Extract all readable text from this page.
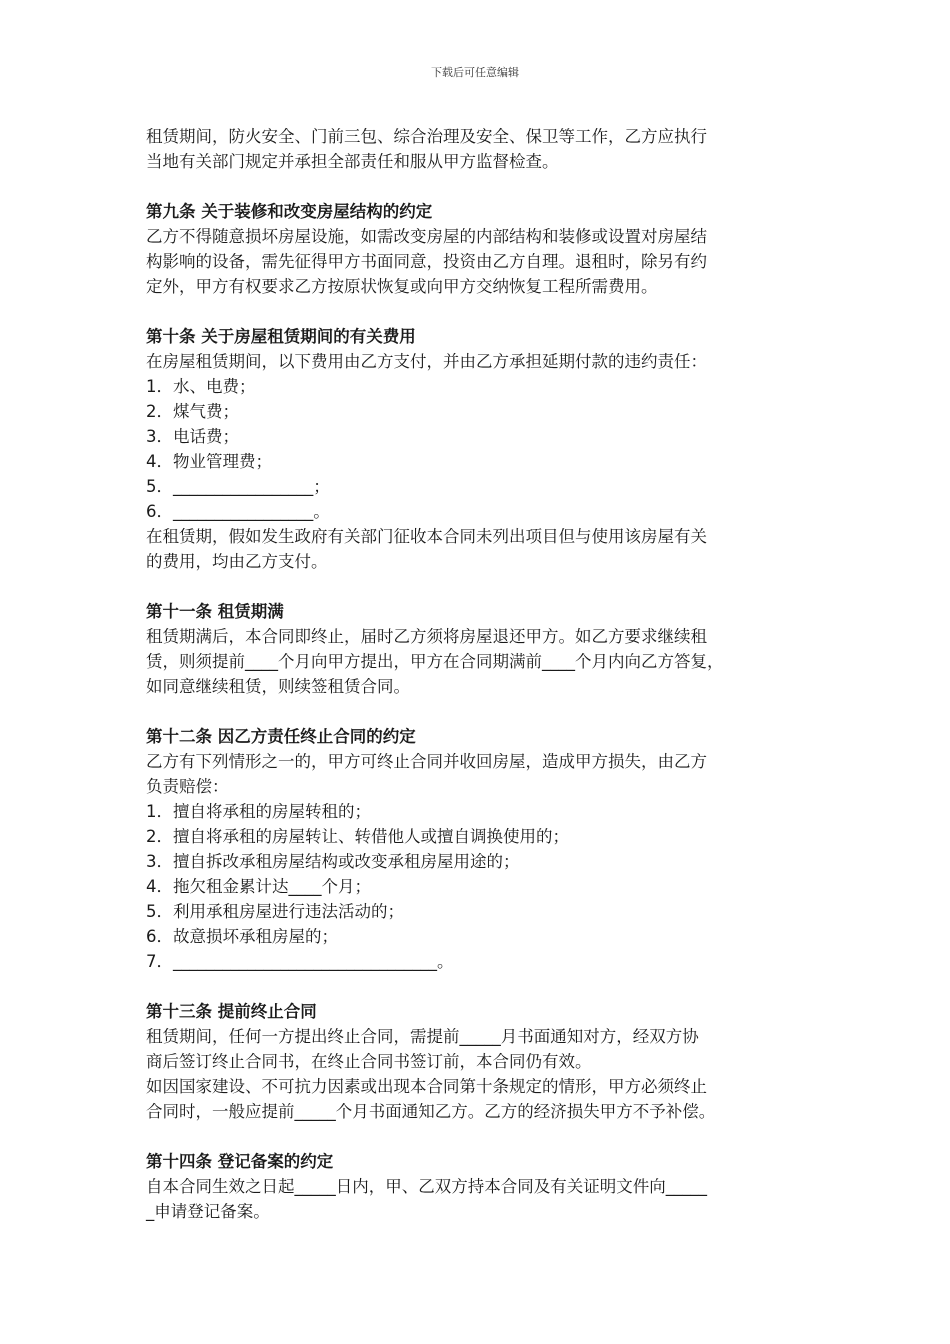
下载后可任意编辑

租赁期间，防火安全、门前三包、综合治理及安全、保卫等工作，乙方应执行

当地有关部门规定并承担全部责任和服从甲方监督检查。

第九条 关于装修和改变房屋结构的约定

乙方不得随意损坏房屋设施，如需改变房屋的内部结构和装修或设置对房屋结

构影响的设备，需先征得甲方书面同意，投资由乙方自理。退租时，除另有约

定外，甲方有权要求乙方按原状恢复或向甲方交纳恢复工程所需费用。

第十条 关于房屋租赁期间的有关费用

在房屋租赁期间，以下费用由乙方支付，并由乙方承担延期付款的违约责任：

1．水、电费；

2．煤气费；

3．电话费；

4．物业管理费；

5．_________________；

6．_________________。

在租赁期，假如发生政府有关部门征收本合同未列出项目但与使用该房屋有关

的费用，均由乙方支付。

第十一条 租赁期满

租赁期满后，本合同即终止，届时乙方须将房屋退还甲方。如乙方要求继续租

赁，则须提前____个月向甲方提出，甲方在合同期满前____个月内向乙方答复，

如同意继续租赁，则续签租赁合同。

第十二条 因乙方责任终止合同的约定

乙方有下列情形之一的，甲方可终止合同并收回房屋，造成甲方损失，由乙方

负责赔偿：

1．擅自将承租的房屋转租的；

2．擅自将承租的房屋转让、转借他人或擅自调换使用的；

3．擅自拆改承租房屋结构或改变承租房屋用途的；

4．拖欠租金累计达____个月；

5．利用承租房屋进行违法活动的；

6．故意损坏承租房屋的；

7．________________________________。

第十三条 提前终止合同

租赁期间，任何一方提出终止合同，需提前_____月书面通知对方，经双方协

商后签订终止合同书，在终止合同书签订前，本合同仍有效。

如因国家建设、不可抗力因素或出现本合同第十条规定的情形，甲方必须终止

合同时，一般应提前_____个月书面通知乙方。乙方的经济损失甲方不予补偿。

第十四条 登记备案的约定

自本合同生效之日起_____日内，甲、乙双方持本合同及有关证明文件向_____

_申请登记备案。
